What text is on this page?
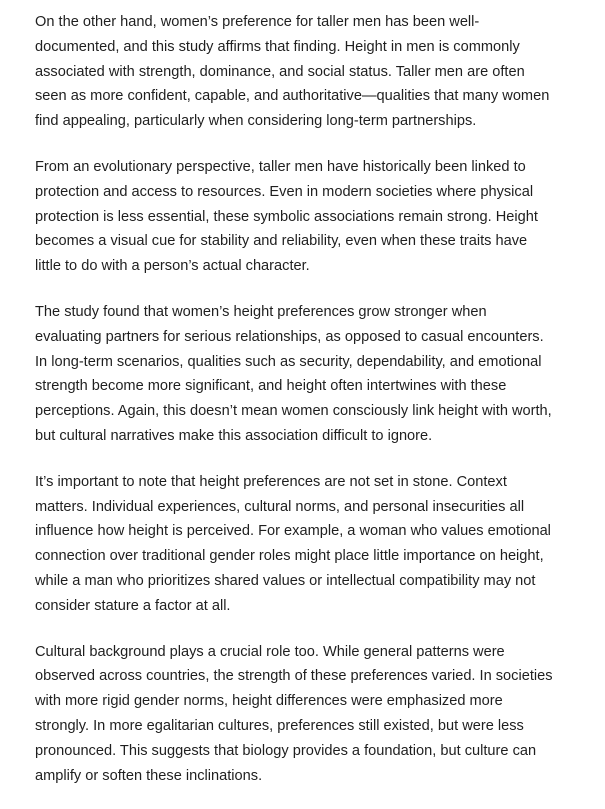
On the other hand, women’s preference for taller men has been well-
documented, and this study affirms that finding. Height in men is commonly
associated with strength, dominance, and social status. Taller men are often
seen as more confident, capable, and authoritative—qualities that many women
find appealing, particularly when considering long-term partnerships.

From an evolutionary perspective, taller men have historically been linked to
protection and access to resources. Even in modern societies where physical
protection is less essential, these symbolic associations remain strong. Height
becomes a visual cue for stability and reliability, even when these traits have
little to do with a person’s actual character.

The study found that women’s height preferences grow stronger when
evaluating partners for serious relationships, as opposed to casual encounters.
In long-term scenarios, qualities such as security, dependability, and emotional
strength become more significant, and height often intertwines with these
perceptions. Again, this doesn’t mean women consciously link height with worth,
but cultural narratives make this association difficult to ignore.

It’s important to note that height preferences are not set in stone. Context
matters. Individual experiences, cultural norms, and personal insecurities all
influence how height is perceived. For example, a woman who values emotional
connection over traditional gender roles might place little importance on height,
while a man who prioritizes shared values or intellectual compatibility may not
consider stature a factor at all.

Cultural background plays a crucial role too. While general patterns were
observed across countries, the strength of these preferences varied. In societies
with more rigid gender norms, height differences were emphasized more
strongly. In more egalitarian cultures, preferences still existed, but were less
pronounced. This suggests that biology provides a foundation, but culture can
amplify or soften these inclinations.
